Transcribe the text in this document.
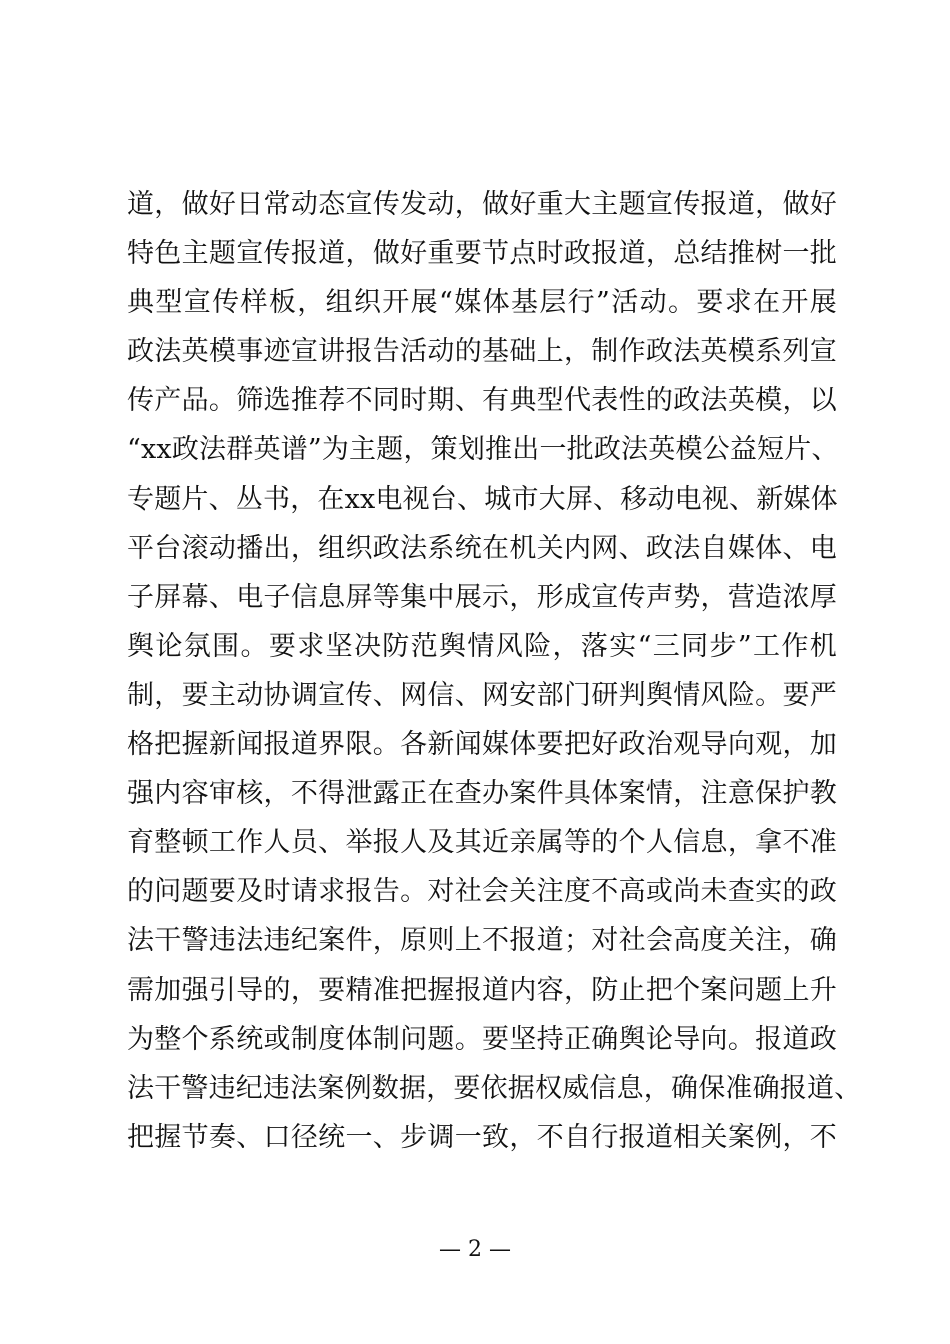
道，做好日常动态宣传发动，做好重大主题宣传报道，做好
特色主题宣传报道，做好重要节点时政报道，总结推树一批
典型宣传样板，组织开展“媒体基层行”活动。要求在开展
政法英模事迹宣讲报告活动的基础上，制作政法英模系列宣
传产品。筛选推荐不同时期、有典型代表性的政法英模，以
“xx政法群英谱”为主题，策划推出一批政法英模公益短片、
专题片、丛书，在xx电视台、城市大屏、移动电视、新媒体
平台滚动播出，组织政法系统在机关内网、政法自媒体、电
子屏幕、电子信息屏等集中展示，形成宣传声势，营造浓厚
舆论氛围。要求坚决防范舆情风险，落实“三同步”工作机
制，要主动协调宣传、网信、网安部门研判舆情风险。要严
格把握新闻报道界限。各新闻媒体要把好政治观导向观，加
强内容审核，不得泄露正在查办案件具体案情，注意保护教
育整顿工作人员、举报人及其近亲属等的个人信息，拿不准
的问题要及时请求报告。对社会关注度不高或尚未查实的政
法干警违法违纪案件，原则上不报道；对社会高度关注，确
需加强引导的，要精准把握报道内容，防止把个案问题上升
为整个系统或制度体制问题。要坚持正确舆论导向。报道政
法干警违纪违法案例数据，要依据权威信息，确保准确报道、
把握节奏、口径统一、步调一致，不自行报道相关案例，不
— 2 —
